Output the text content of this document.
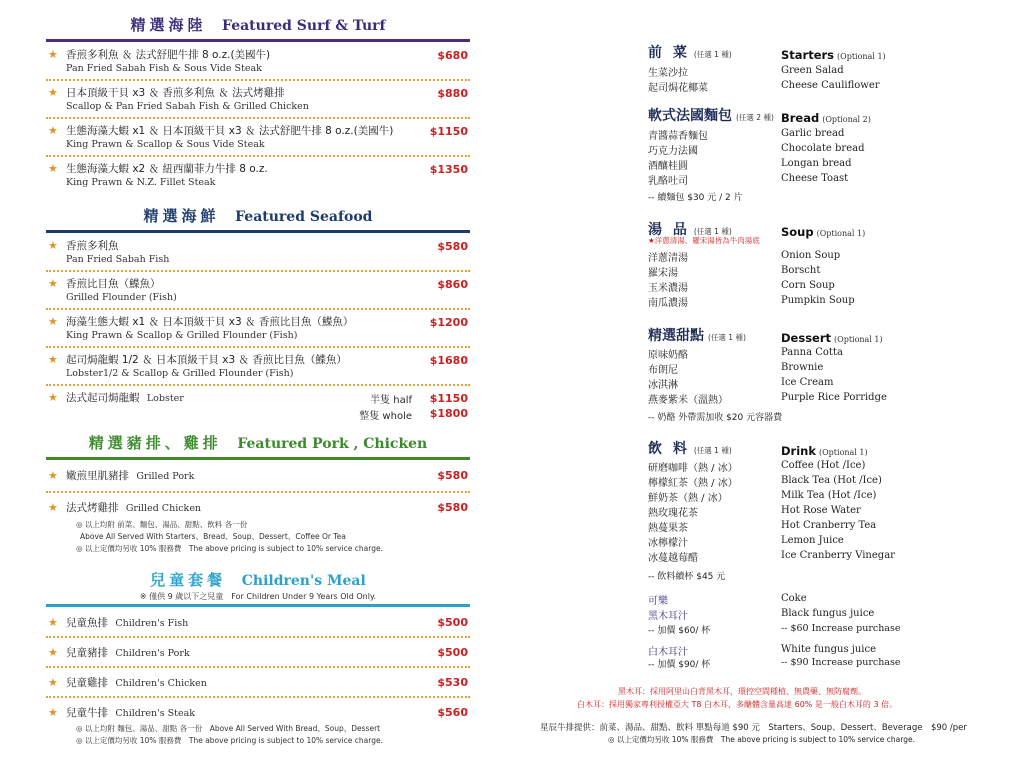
精選海陸 Featured Surf & Turf
★ 香煎多利魚 ＆ 法式舒肥牛排 8 o.z.(美國牛)
Pan Fried Sabah Fish & Sous Vide Steak
$680
★ 日本頂級干貝 x3 ＆ 香煎多利魚 ＆ 法式烤雞排
Scallop & Pan Fried Sabah Fish & Grilled Chicken
$880
★ 生態海藻大蝦 x1 ＆ 日本頂級干貝 x3 ＆ 法式舒肥牛排 8 o.z.(美國牛)
King Prawn & Scallop & Sous Vide Steak
$1150
★ 生態海藻大蝦 x2 ＆ 紐西蘭菲力牛排 8 o.z.
King Prawn & N.Z. Fillet Steak
$1350
精選海鮮 Featured Seafood
★ 香煎多利魚
Pan Fried Sabah Fish
$580
★ 香煎比目魚（鰈魚）
Grilled Flounder (Fish)
$860
★ 海藻生態大蝦 x1 ＆ 日本頂級干貝 x3 ＆ 香煎比目魚（鰈魚）
King Prawn & Scallop & Grilled Flounder (Fish)
$1200
★ 起司焗龍蝦 1/2 ＆ 日本頂級干貝 x3 ＆ 香煎比目魚（鰈魚）
Lobster1/2 & Scallop & Grilled Flounder (Fish)
$1680
★ 法式起司焗龍蝦 Lobster	半隻 half $1150
整隻 whole $1800
精選豬排、雞排 Featured Pork , Chicken
★ 嫩煎里肌豬排 Grilled Pork	$580
★ 法式烤雞排 Grilled Chicken	$580
◎ 以上均附 前菜、麵包、湯品、甜點、飲料 各一份
Above All Served With Starters、Bread、Soup、Dessert、Coffee Or Tea
◎ 以上定價均另收 10% 服務費　The above pricing is subject to 10% service charge.
兒童套餐 Children's Meal
※ 僅供 9 歲以下之兒童　For Children Under 9 Years Old Only.
★ 兒童魚排 Children's Fish	$500
★ 兒童豬排 Children's Pork	$500
★ 兒童雞排 Children's Chicken	$530
★ 兒童牛排 Children's Steak	$560
◎ 以上均附 麵包、湯品、甜點 各一份　Above All Served With Bread、Soup、Dessert
◎ 以上定價均另收 10% 服務費　The above pricing is subject to 10% service charge.
前 菜 (任選 1 種)	Starters (Optional 1)
生菜沙拉	Green Salad
起司焗花椰菜	Cheese Cauliflower
軟式法國麵包 (任選 2 種) Bread (Optional 2)
青醬蒜香麵包	Garlic bread
巧克力法國	Chocolate bread
酒釀桂圓	Longan bread
乳酪吐司	Cheese Toast
-- 續麵包 $30 元 / 2 片
湯 品 (任選 1 種)	Soup (Optional 1)
★洋蔥清湯、羅宋湯皆為牛肉湯底
洋蔥清湯	Onion Soup
羅宋湯	Borscht
玉米濃湯	Corn Soup
南瓜濃湯	Pumpkin Soup
精選甜點 (任選 1 種)	Dessert (Optional 1)
原味奶酪	Panna Cotta
布朗尼	Brownie
冰淇淋	Ice Cream
燕麥紫米（溫熱）	Purple Rice Porridge
-- 奶酪 外帶需加收 $20 元容器費
飲 料 (任選 1 種)	Drink (Optional 1)
研磨咖啡（熱 / 冰）	Coffee (Hot /Ice)
檸檬紅茶（熱 / 冰）	Black Tea (Hot /Ice)
鮮奶茶（熱 / 冰）	Milk Tea (Hot /Ice)
熱玫瑰花茶	Hot Rose Water
熱蔓果茶	Hot Cranberry Tea
冰檸檬汁	Lemon Juice
冰蔓越莓醋	Ice Cranberry Vinegar
-- 飲料續杯 $45 元
可樂	Coke
黑木耳汁	Black fungus juice
-- 加價 $60/ 杯	-- $60 Increase purchase
白木耳汁	White fungus juice
-- 加價 $90/ 杯	-- $90 Increase purchase
黑木耳：採用阿里山白背黑木耳，環控空間種植、無農藥、無防腐劑。
白木耳：採用獨家專利授權亞大 T8 白木耳，多醣體含量高達 60% 是一般白木耳的 3 倍。
星辰牛排提供：前菜、湯品、甜點、飲料 單點每道 $90 元　Starters、Soup、Dessert、Beverage　$90 /per
◎ 以上定價均另收 10% 服務費　The above pricing is subject to 10% service charge.
